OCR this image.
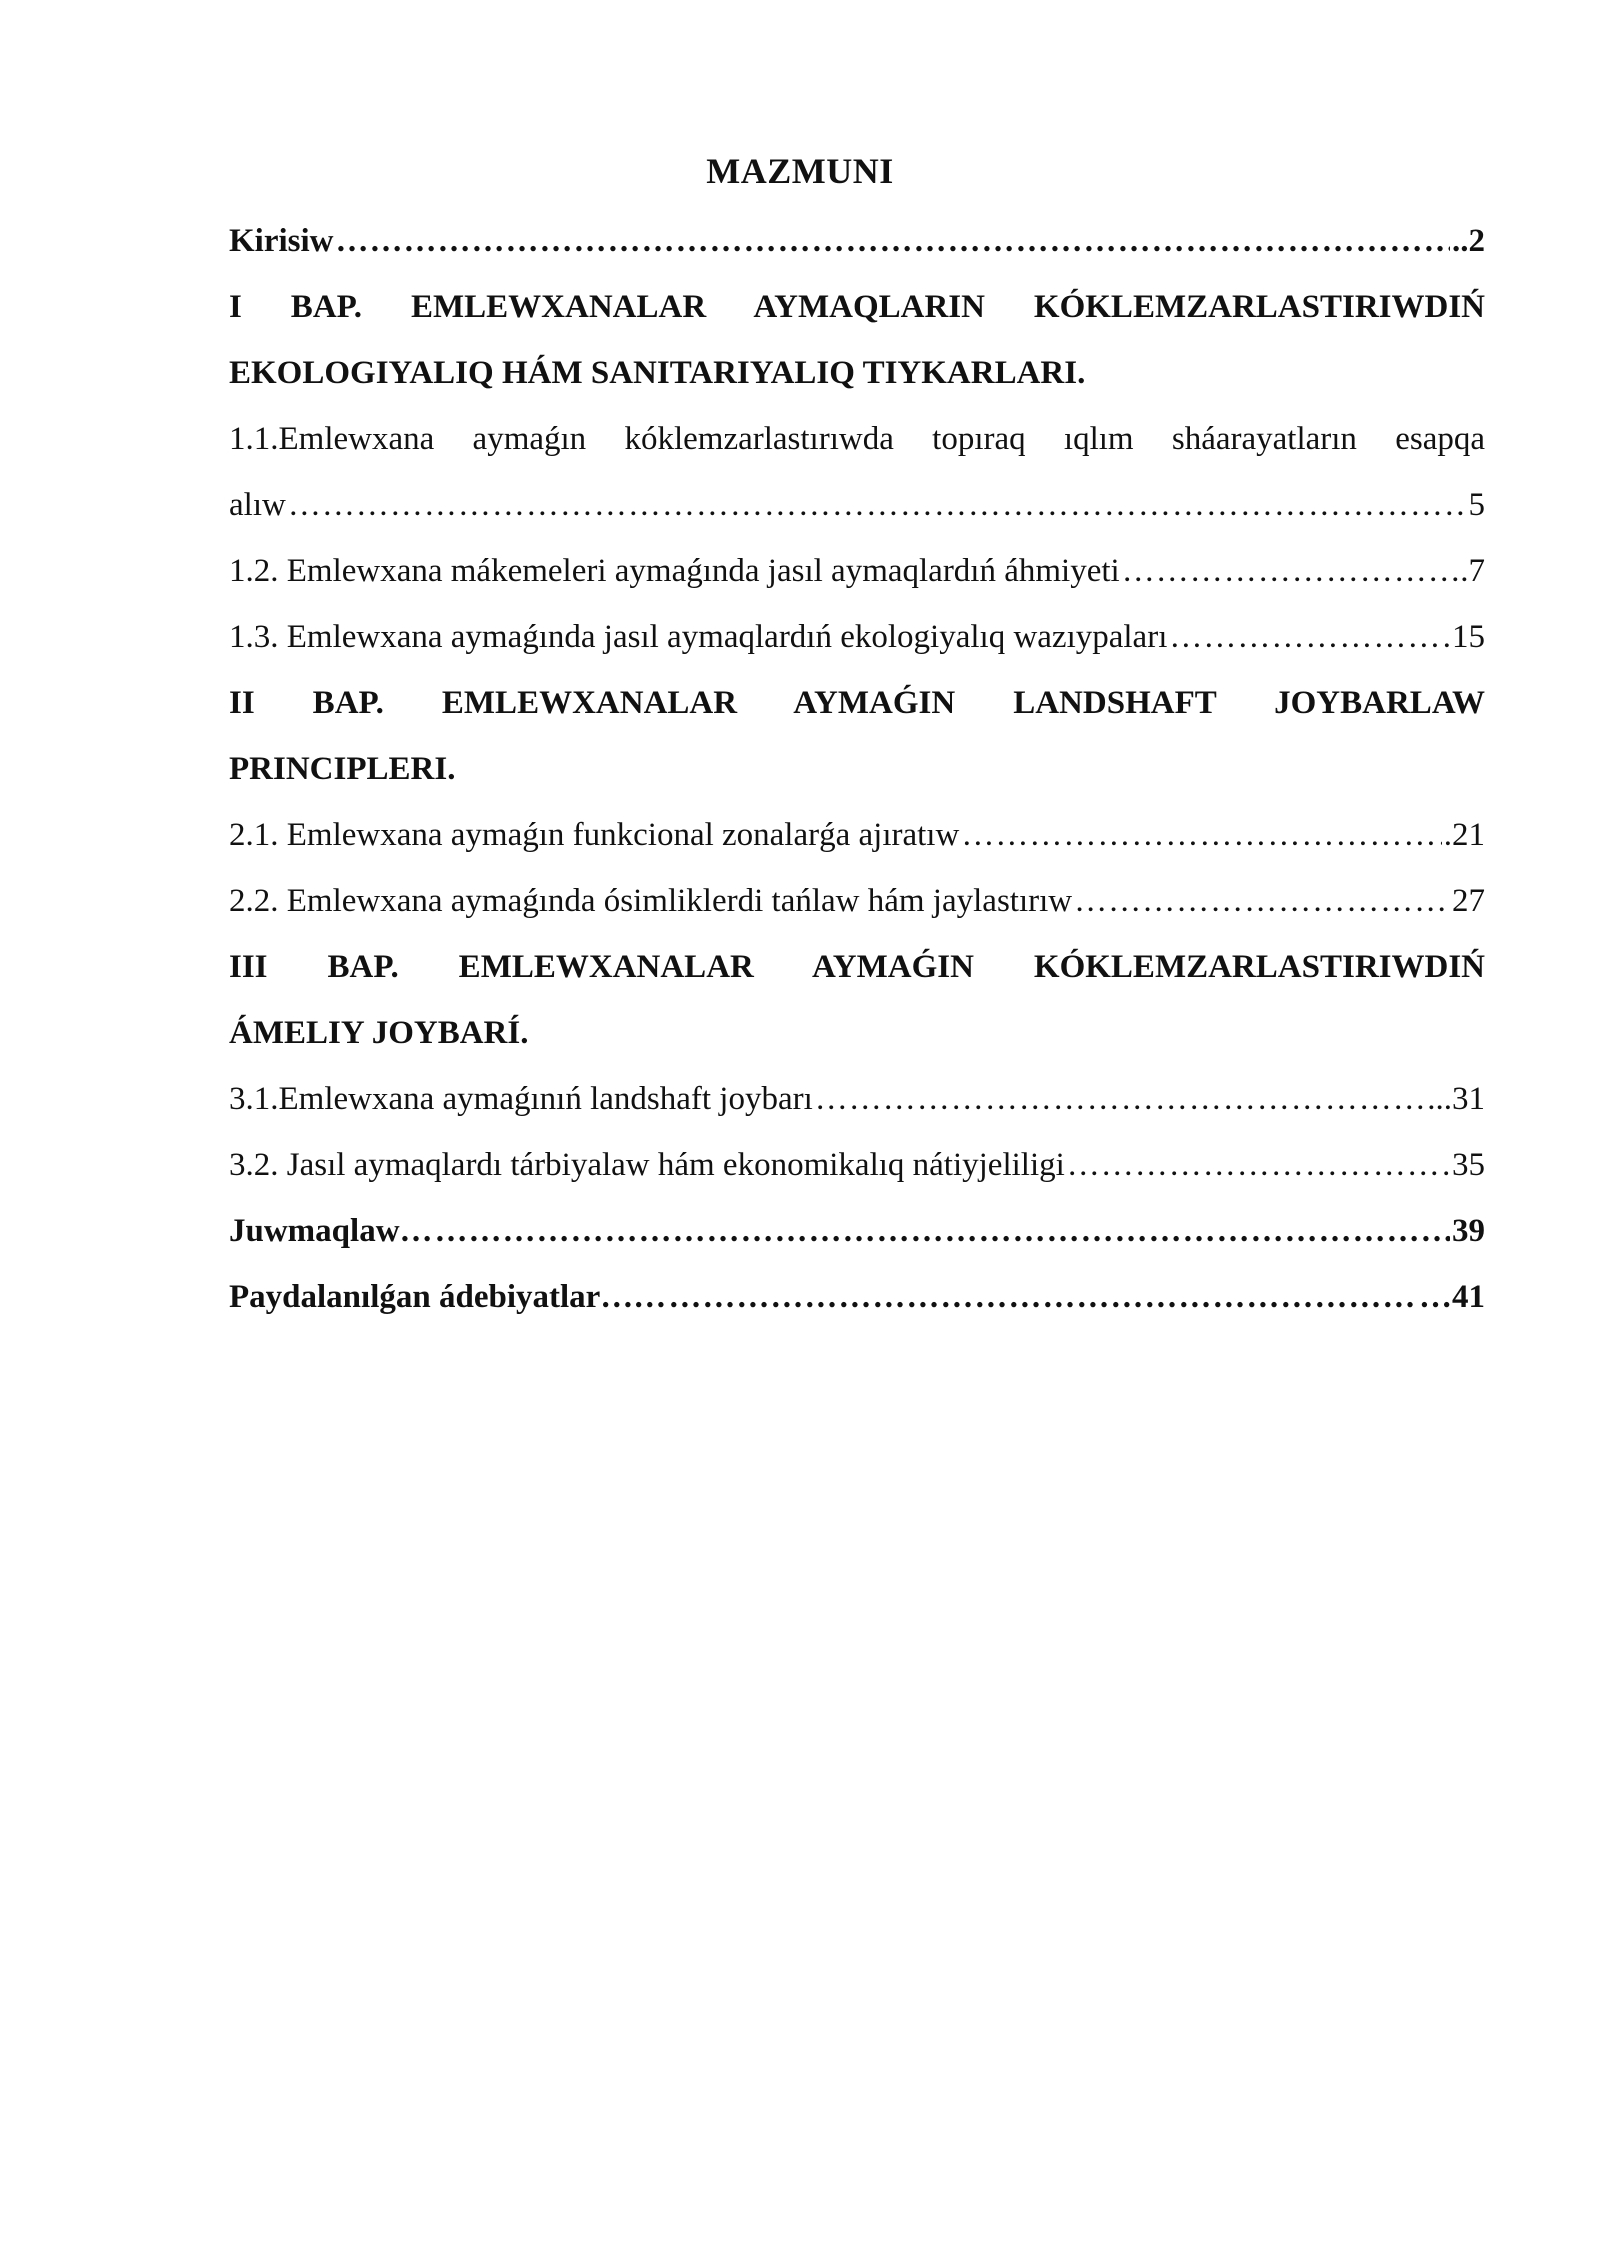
MAZMUNI
Kirisiw ……………………………………………………………………………………………………………………………………………………………………………………………………………………………………	..2
I BAP. EMLEWXANALAR AYMAQLARIN KÓKLEMZARLASTIRIWDIŃ
EKOLOGIYALIQ HÁM SANITARIYALIQ TIYKARLARI.
1.1.Emlewxana aymaǵın kóklemzarlastırıwda topıraq ıqlım sháarayatların esapqa
alıw ……………………………………………………………………………………………………………………………………………………………………………………………………………………………………	5
1.2. Emlewxana mákemeleri aymaǵında jasıl aymaqlardıń áhmiyeti ……………………………………………………………………………………………………………………………………………………………………………………………………………………………………	.7
1.3. Emlewxana aymaǵında jasıl aymaqlardıń ekologiyalıq wazıypaları ……………………………………………………………………………………………………………………………………………………………………………………………………………………………………	15
II BAP. EMLEWXANALAR AYMAǴIN LANDSHAFT JOYBARLAW
PRINCIPLERI.
2.1. Emlewxana aymaǵın funkcional zonalarǵa ajıratıw ……………………………………………………………………………………………………………………………………………………………………………………………………………………………………	.21
2.2. Emlewxana aymaǵında ósimliklerdi tańlaw hám jaylastırıw ……………………………………………………………………………………………………………………………………………………………………………………………………………………………………	27
III BAP. EMLEWXANALAR AYMAǴIN KÓKLEMZARLASTIRIWDIŃ
ÁMELIY JOYBARÍ.
3.1.Emlewxana aymaǵınıń landshaft joybarı ……………………………………………………………………………………………………………………………………………………………………………………………………………………………………	...31
3.2. Jasıl aymaqlardı tárbiyalaw hám ekonomikalıq nátiyjeliligi ……………………………………………………………………………………………………………………………………………………………………………………………………………………………………	35
Juwmaqlaw… ……………………………………………………………………………………………………………………………………………………………………………………………………………………………………	39
Paydalanılǵan ádebiyatlar…… ……………………………………………………………………………………………………………………………………………………………………………………………………………………………………	…41
